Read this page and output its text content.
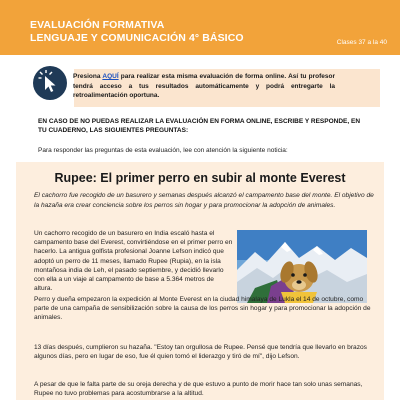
EVALUACIÓN FORMATIVA
LENGUAJE Y COMUNICACIÓN 4° BÁSICO	Clases 37 a la 40
Presiona AQUÍ para realizar esta misma evaluación de forma online. Así tu profesor tendrá acceso a tus resultados automáticamente y podrá entregarte la retroalimentación oportuna.
EN CASO DE NO PUEDAS REALIZAR LA EVALUACIÓN EN FORMA ONLINE, ESCRIBE Y RESPONDE, EN TU CUADERNO, LAS SIGUIENTES PREGUNTAS:
Para responder las preguntas de esta evaluación, lee con atención la siguiente noticia:
Rupee: El primer perro en subir al monte Everest
El cachorro fue recogido de un basurero y semanas después alcanzó el campamento base del monte. El objetivo de la hazaña era crear conciencia sobre los perros sin hogar y para promocionar la adopción de animales.
Un cachorro recogido de un basurero en India escaló hasta el campamento base del Everest, convirtiéndose en el primer perro en hacerlo. La antigua golfista profesional Joanne Lefson indicó que adoptó un perro de 11 meses, llamado Rupee (Rupia), en la isla montañosa india de Leh, el pasado septiembre, y decidió llevarlo con ella a un viaje al campamento de base a 5.364 metros de altura.
Perro y dueña empezaron la expedición al Monte Everest en la ciudad himalaya de Lukla el 14 de octubre, como parte de una campaña de sensibilización sobre la causa de los perros sin hogar y para promocionar la adopción de animales.
13 días después, cumplieron su hazaña. "Estoy tan orgullosa de Rupee. Pensé que tendría que llevarlo en brazos algunos días, pero en lugar de eso, fue él quien tomó el liderazgo y tiró de mí", dijo Lefson.
A pesar de que le falta parte de su oreja derecha y de que estuvo a punto de morir hace tan solo unas semanas, Rupee no tuvo problemas para acostumbrarse a la altitud.
